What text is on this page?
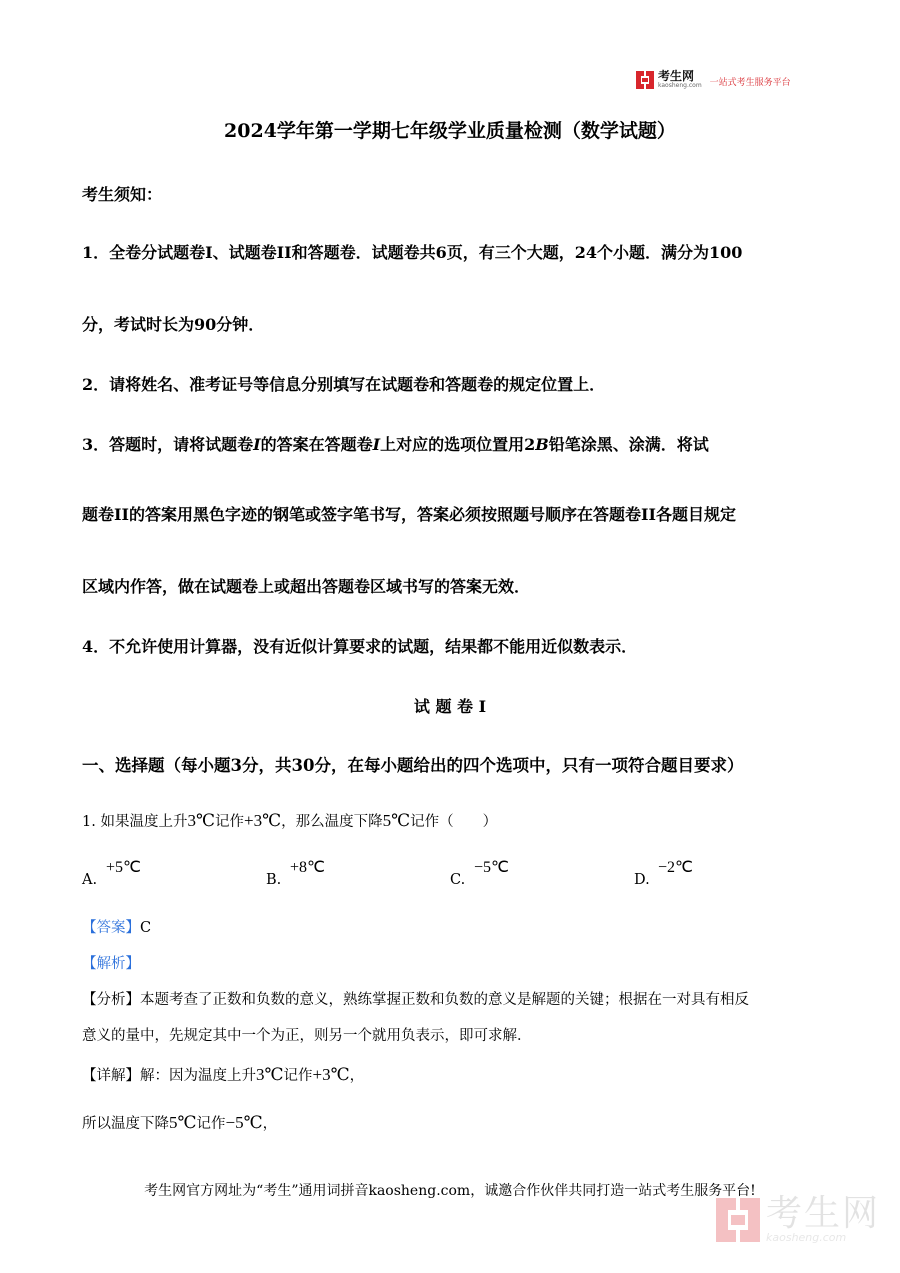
考生网
kaosheng.com 一站式考生服务平台
2024学年第一学期七年级学业质量检测（数学试题）
考生须知：
1．全卷分试题卷I、试题卷II和答题卷．试题卷共6页，有三个大题，24个小题．满分为100
分，考试时长为90分钟．
2．请将姓名、准考证号等信息分别填写在试题卷和答题卷的规定位置上．
3．答题时，请将试题卷I的答案在答题卷I上对应的选项位置用2B铅笔涂黑、涂满．将试
题卷II的答案用黑色字迹的钢笔或签字笔书写，答案必须按照题号顺序在答题卷II各题目规定
区域内作答，做在试题卷上或超出答题卷区域书写的答案无效．
4．不允许使用计算器，没有近似计算要求的试题，结果都不能用近似数表示．
试 题 卷 I
一、选择题（每小题3分，共30分，在每小题给出的四个选项中，只有一项符合题目要求）
1. 如果温度上升3℃记作+3℃，那么温度下降5℃记作（　　）
A.
+5℃
B.
+8℃
C.
−5℃
D.
−2℃
【答案】C
【解析】
【分析】本题考查了正数和负数的意义，熟练掌握正数和负数的意义是解题的关键；根据在一对具有相反
意义的量中，先规定其中一个为正，则另一个就用负表示，即可求解．
【详解】解：因为温度上升3℃记作+3℃，
所以温度下降5℃记作−5℃，
考生网官方网址为“考生”通用词拼音kaosheng.com，诚邀合作伙伴共同打造一站式考生服务平台!
考生网
kaosheng.com
